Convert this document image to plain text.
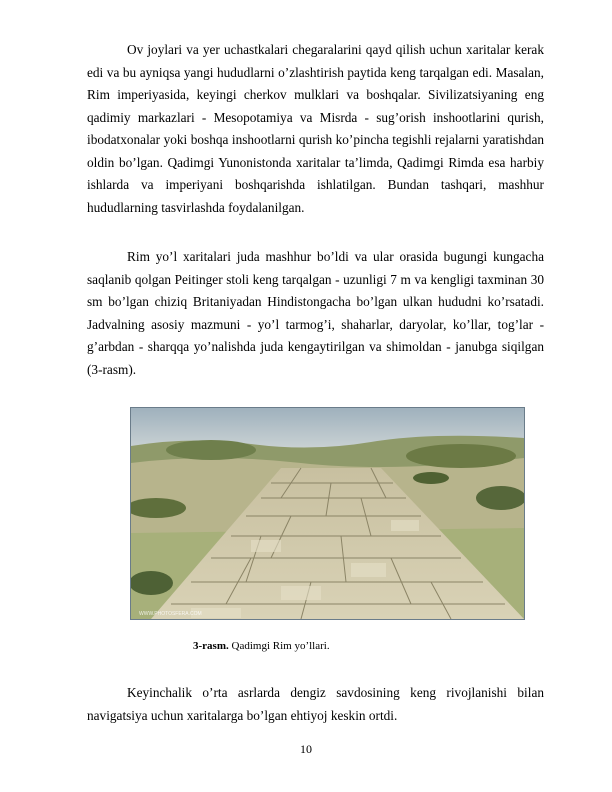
Ov joylari va yer uchastkalari chegaralarini qayd qilish uchun xaritalar kerak edi va bu ayniqsa yangi hududlarni o’zlashtirish paytida keng tarqalgan edi. Masalan, Rim imperiyasida, keyingi cherkov mulklari va boshqalar. Sivilizatsiyaning eng qadimiy markazlari - Mesopotamiya va Misrda - sug’orish inshootlarini qurish, ibodatxonalar yoki boshqa inshootlarni qurish ko’pincha tegishli rejalarni yaratishdan oldin bo’lgan. Qadimgi Yunonistonda xaritalar ta’limda, Qadimgi Rimda esa harbiy ishlarda va imperiyani boshqarishda ishlatilgan. Bundan tashqari, mashhur hududlarning tasvirlashda foydalanilgan.

Rim yo’l xaritalari juda mashhur bo’ldi va ular orasida bugungi kungacha saqlanib qolgan Peitinger stoli keng tarqalgan - uzunligi 7 m va kengligi taxminan 30 sm bo’lgan chiziq Britaniyadan Hindistongacha bo’lgan ulkan hududni ko’rsatadi. Jadvalning asosiy mazmuni - yo’l tarmog’i, shaharlar, daryolar, ko’llar, tog’lar - g’arbdan - sharqqa yo’nalishda juda kengaytirilgan va shimoldan - janubga siqilgan (3-rasm).

WWW.PHOTOSFERA.COM
3-rasm. Qadimgi Rim yo’llari.

Keyinchalik o’rta asrlarda dengiz savdosining keng rivojlanishi bilan navigatsiya uchun xaritalarga bo’lgan ehtiyoj keskin ortdi.

10
